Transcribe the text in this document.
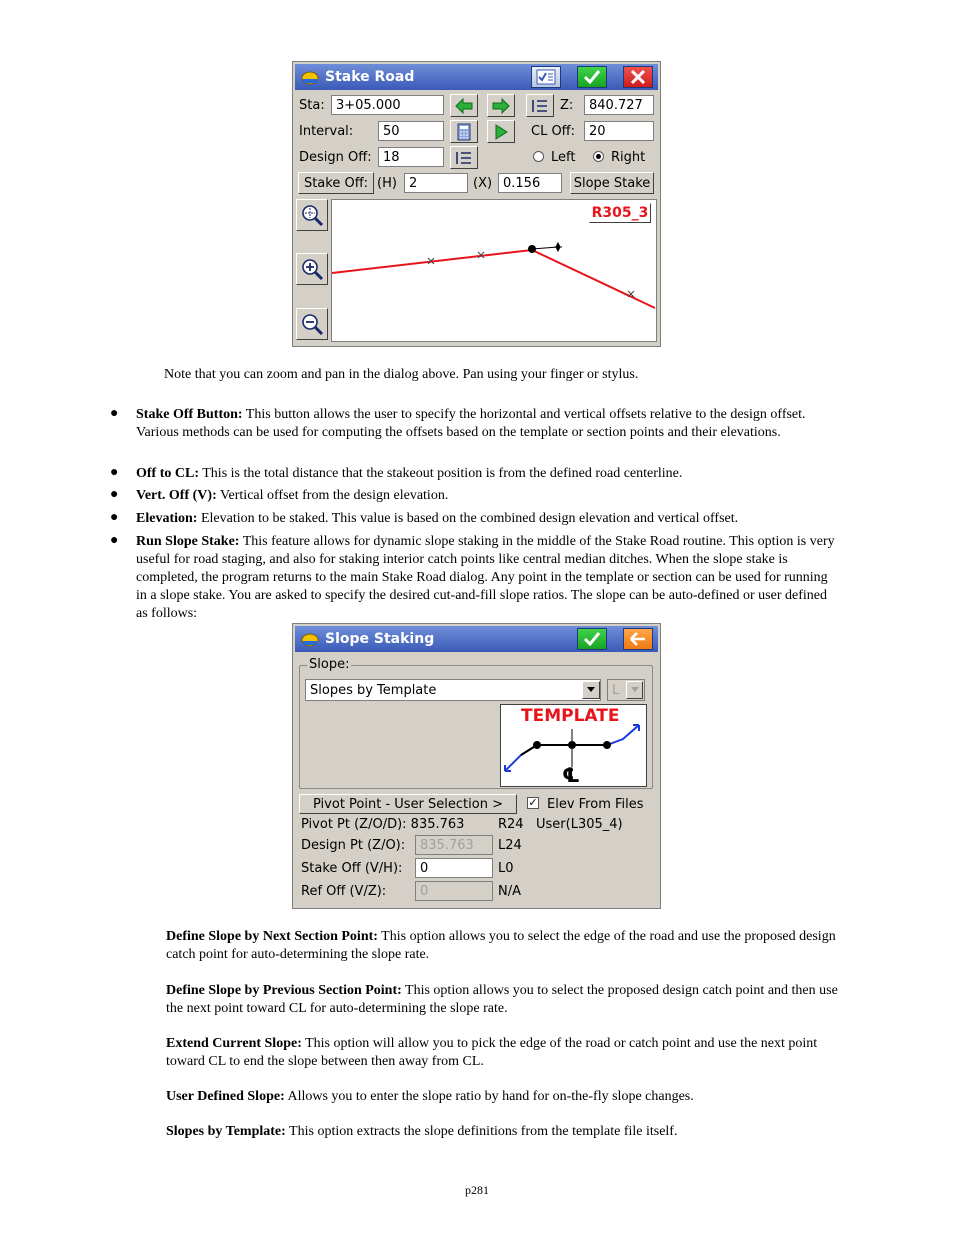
Stake Road
Sta: 3+05.000	Z:	840.727
Interval:	50	CL Off:	20
Design Off: 18	Left	Right
Stake Off: (H) 2	(X) 0.156	Slope Stake
R305_3
Note that you can zoom and pan in the dialog above. Pan using your finger or stylus.
● Stake Off Button: This button allows the user to specify the horizontal and vertical offsets relative to the design offset. Various methods can be used for computing the offsets based on the template or section points and their elevations.
● Off to CL: This is the total distance that the stakeout position is from the defined road centerline.
● Vert. Off (V): Vertical offset from the design elevation.
● Elevation: Elevation to be staked. This value is based on the combined design elevation and vertical offset.
● Run Slope Stake: This feature allows for dynamic slope staking in the middle of the Stake Road routine. This option is very useful for road staging, and also for staking interior catch points like central median ditches. When the slope stake is completed, the program returns to the main Stake Road dialog. Any point in the template or section can be used for running in a slope stake. You are asked to specify the desired cut-and-fill slope ratios. The slope can be auto-defined or user defined as follows:
Slope Staking
Slope:
Slopes by Template	L
TEMPLATE
℄
Pivot Point - User Selection >	✓ Elev From Files
Pivot Pt (Z/O/D): 835.763	R24 User(L305_4)
Design Pt (Z/O):	835.763	L24
Stake Off (V/H):	0	L0
Ref Off (V/Z):	0	N/A
Define Slope by Next Section Point: This option allows you to select the edge of the road and use the proposed design catch point for auto-determining the slope rate.
Define Slope by Previous Section Point: This option allows you to select the proposed design catch point and then use the next point toward CL for auto-determining the slope rate.
Extend Current Slope: This option will allow you to pick the edge of the road or catch point and use the next point toward CL to end the slope between then away from CL.
User Defined Slope: Allows you to enter the slope ratio by hand for on-the-fly slope changes.
Slopes by Template: This option extracts the slope definitions from the template file itself.
p281
